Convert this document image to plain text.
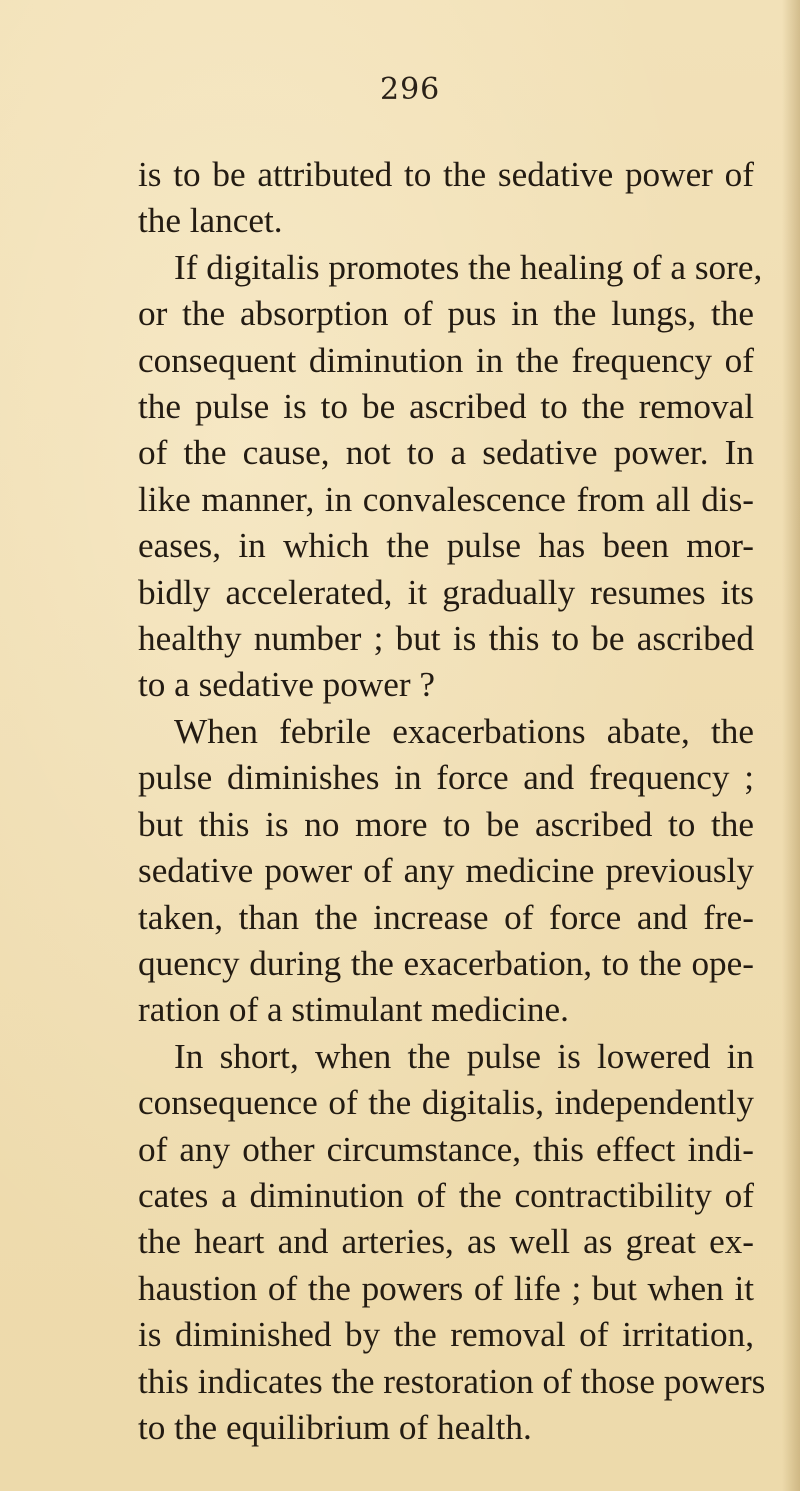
296
is to be attributed to the sedative power of
the lancet.
If digitalis promotes the healing of a sore,
or the absorption of pus in the lungs, the
consequent diminution in the frequency of
the pulse is to be ascribed to the removal
of the cause, not to a sedative power. In
like manner, in convalescence from all dis-
eases, in which the pulse has been mor-
bidly accelerated, it gradually resumes its
healthy number ; but is this to be ascribed
to a sedative power ?
When febrile exacerbations abate, the
pulse diminishes in force and frequency ;
but this is no more to be ascribed to the
sedative power of any medicine previously
taken, than the increase of force and fre-
quency during the exacerbation, to the ope-
ration of a stimulant medicine.
In short, when the pulse is lowered in
consequence of the digitalis, independently
of any other circumstance, this effect indi-
cates a diminution of the contractibility of
the heart and arteries, as well as great ex-
haustion of the powers of life ; but when it
is diminished by the removal of irritation,
this indicates the restoration of those powers
to the equilibrium of health.
